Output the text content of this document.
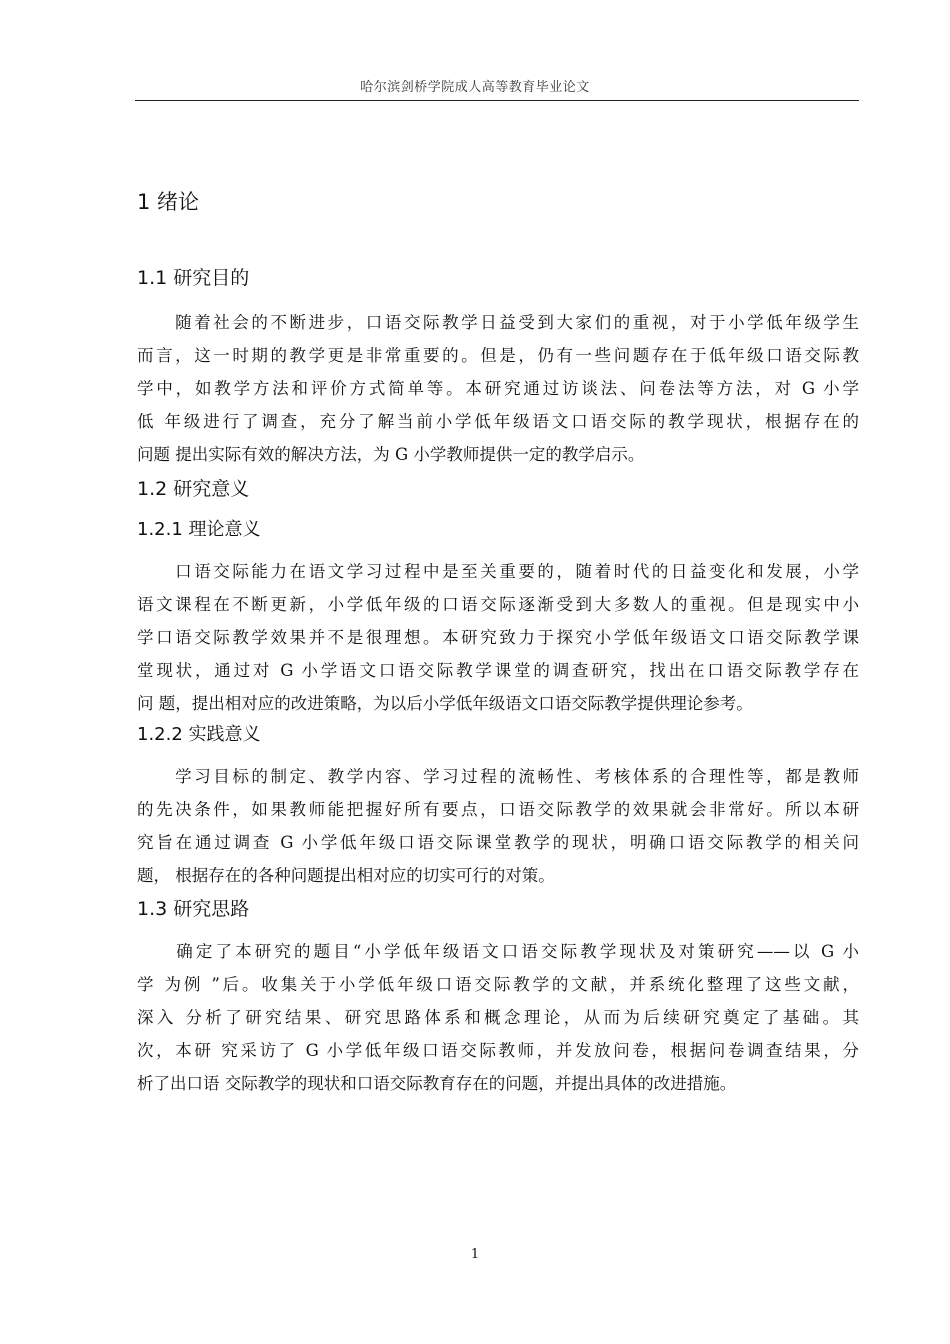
哈尔滨剑桥学院成人高等教育毕业论文
1 绪论
1.1 研究目的
　　随着社会的不断进步，口语交际教学日益受到大家们的重视，对于小学低年级学生
而言，这一时期的教学更是非常重要的。但是，仍有一些问题存在于低年级口语交际教
学中，如教学方法和评价方式简单等。本研究通过访谈法、问卷法等方法，对 G 小学
低 年级进行了调查，充分了解当前小学低年级语文口语交际的教学现状，根据存在的
问题 提出实际有效的解决方法，为 G 小学教师提供一定的教学启示。
1.2 研究意义
1.2.1 理论意义
　　口语交际能力在语文学习过程中是至关重要的，随着时代的日益变化和发展，小学
语文课程在不断更新，小学低年级的口语交际逐渐受到大多数人的重视。但是现实中小
学口语交际教学效果并不是很理想。本研究致力于探究小学低年级语文口语交际教学课
堂现状，通过对 G 小学语文口语交际教学课堂的调查研究，找出在口语交际教学存在
问 题，提出相对应的改进策略，为以后小学低年级语文口语交际教学提供理论参考。
1.2.2 实践意义
　　学习目标的制定、教学内容、学习过程的流畅性、考核体系的合理性等，都是教师
的先决条件，如果教师能把握好所有要点，口语交际教学的效果就会非常好。所以本研
究旨在通过调查 G 小学低年级口语交际课堂教学的现状，明确口语交际教学的相关问
题， 根据存在的各种问题提出相对应的切实可行的对策。
1.3 研究思路
　　确定了本研究的题目“小学低年级语文口语交际教学现状及对策研究——以 G 小
学 为例 ”后。收集关于小学低年级口语交际教学的文献，并系统化整理了这些文献，
深入 分析了研究结果、研究思路体系和概念理论，从而为后续研究奠定了基础。其
次，本研 究采访了 G 小学低年级口语交际教师，并发放问卷，根据问卷调查结果，分
析了出口语 交际教学的现状和口语交际教育存在的问题，并提出具体的改进措施。
1
